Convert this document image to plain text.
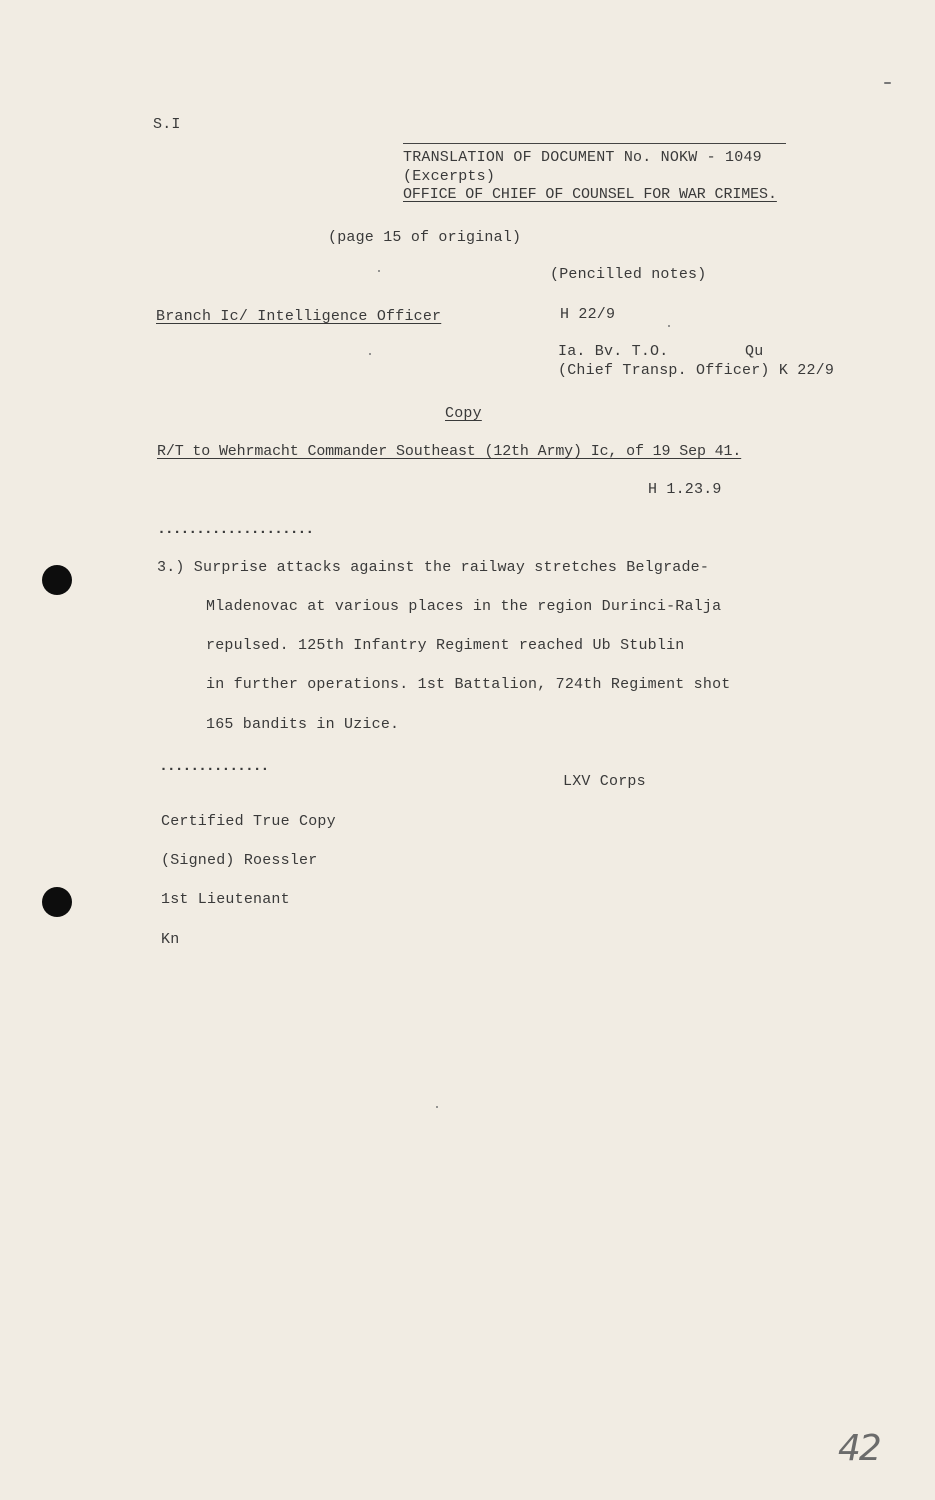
S.I
TRANSLATION OF DOCUMENT No. NOKW - 1049
(Excerpts)
OFFICE OF CHIEF OF COUNSEL FOR WAR CRIMES.
(page 15 of original)
(Pencilled notes)
Branch Ic/ Intelligence Officer	H 22/9
Ia. Bv. T.O.	Qu
(Chief Transp. Officer) K 22/9
Copy
R/T to Wehrmacht Commander Southeast (12th Army) Ic, of 19 Sep 41.
H 1.23.9
....................
3.) Surprise attacks against the railway stretches Belgrade-
Mladenovac at various places in the region Durinci-Ralja
repulsed. 125th Infantry Regiment reached Ub Stublin
in further operations. 1st Battalion, 724th Regiment shot
165 bandits in Uzice.
..............
LXV Corps
Certified True Copy
(Signed) Roessler
1st Lieutenant
Kn
42
